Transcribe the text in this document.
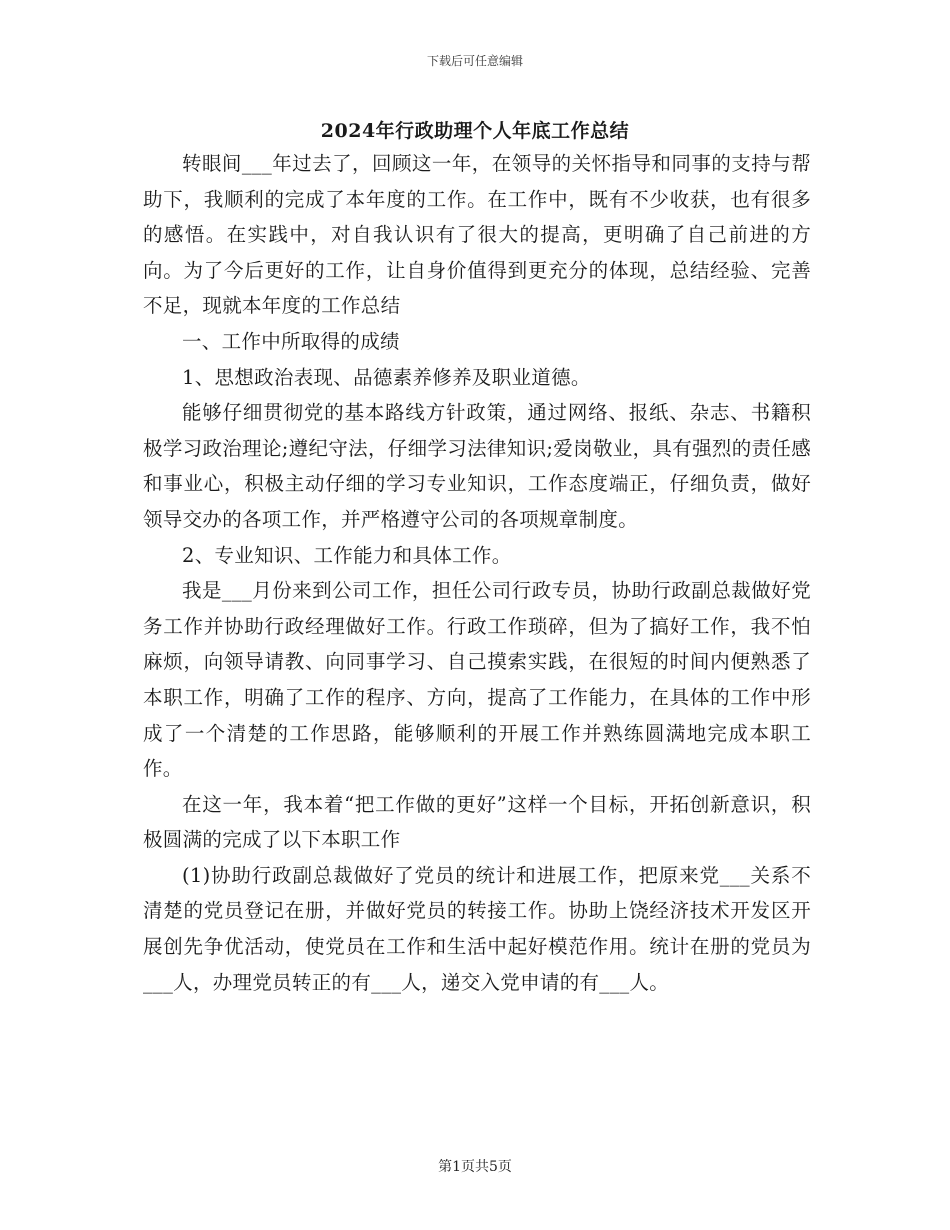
下载后可任意编辑
2024年行政助理个人年底工作总结

转眼间___年过去了，回顾这一年，在领导的关怀指导和同事的支持与帮助下，我顺利的完成了本年度的工作。在工作中，既有不少收获，也有很多的感悟。在实践中，对自我认识有了很大的提高，更明确了自己前进的方向。为了今后更好的工作，让自身价值得到更充分的体现，总结经验、完善不足，现就本年度的工作总结

一、工作中所取得的成绩

1、思想政治表现、品德素养修养及职业道德。

能够仔细贯彻党的基本路线方针政策，通过网络、报纸、杂志、书籍积极学习政治理论;遵纪守法，仔细学习法律知识;爱岗敬业，具有强烈的责任感和事业心，积极主动仔细的学习专业知识，工作态度端正，仔细负责，做好领导交办的各项工作，并严格遵守公司的各项规章制度。

2、专业知识、工作能力和具体工作。

我是___月份来到公司工作，担任公司行政专员，协助行政副总裁做好党务工作并协助行政经理做好工作。行政工作琐碎，但为了搞好工作，我不怕麻烦，向领导请教、向同事学习、自己摸索实践，在很短的时间内便熟悉了本职工作，明确了工作的程序、方向，提高了工作能力，在具体的工作中形成了一个清楚的工作思路，能够顺利的开展工作并熟练圆满地完成本职工作。

在这一年，我本着“把工作做的更好”这样一个目标，开拓创新意识，积极圆满的完成了以下本职工作

(1)协助行政副总裁做好了党员的统计和进展工作，把原来党___关系不清楚的党员登记在册，并做好党员的转接工作。协助上饶经济技术开发区开展创先争优活动，使党员在工作和生活中起好模范作用。统计在册的党员为___人，办理党员转正的有___人，递交入党申请的有___人。

第1页共5页
